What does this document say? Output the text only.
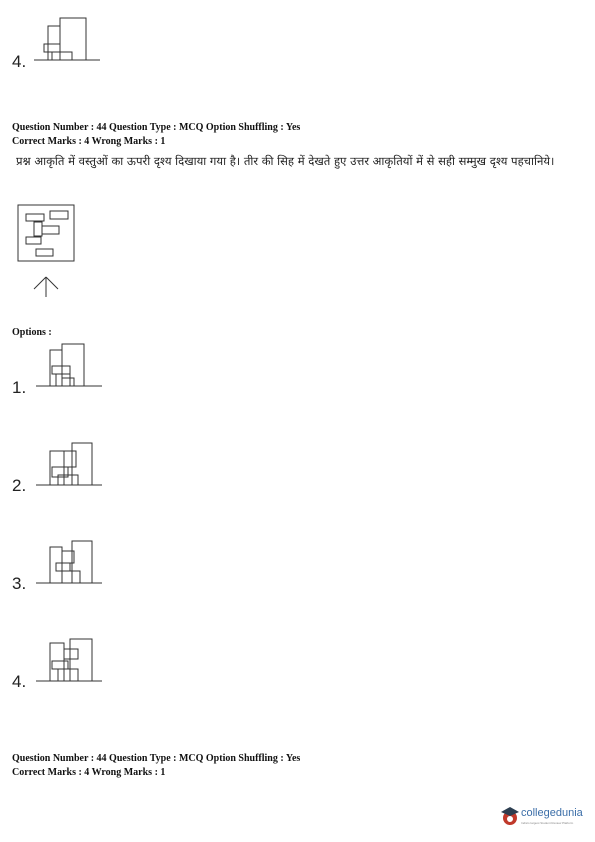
4.
Question Number : 44 Question Type : MCQ Option Shuffling : Yes
Correct Marks : 4 Wrong Marks : 1
प्रश्न आकृति में वस्तुओं का ऊपरी दृश्य दिखाया गया है। तीर की सिह में देखते हुए उत्तर आकृतियों में से सही सम्मुख दृश्य पहचानिये।
Options :
1.
2.
3.
4.
Question Number : 44 Question Type : MCQ Option Shuffling : Yes
Correct Marks : 4 Wrong Marks : 1
collegedunia
India's largest Student Review Platform
